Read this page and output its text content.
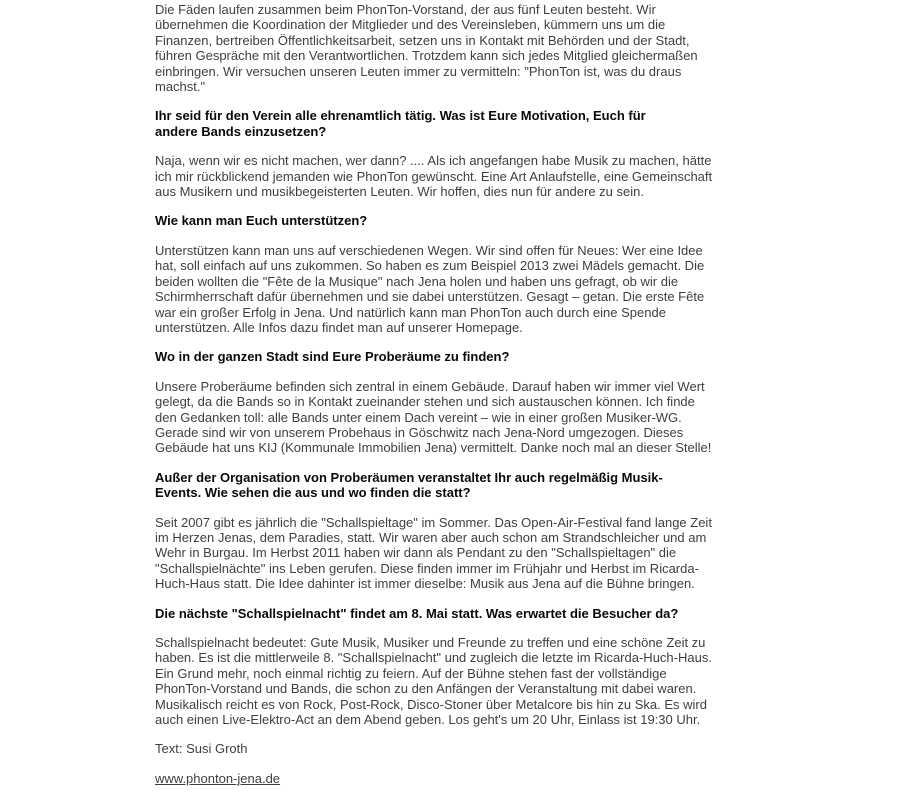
Die Fäden laufen zusammen beim PhonTon-Vorstand, der aus fünf Leuten besteht. Wir
übernehmen die Koordination der Mitglieder und des Vereinsleben, kümmern uns um die
Finanzen, bertreiben Öffentlichkeitsarbeit, setzen uns in Kontakt mit Behörden und der Stadt,
führen Gespräche mit den Verantwortlichen. Trotzdem kann sich jedes Mitglied gleichermaßen
einbringen. Wir versuchen unseren Leuten immer zu vermitteln: "PhonTon ist, was du draus
machst."
Ihr seid für den Verein alle ehrenamtlich tätig. Was ist Eure Motivation, Euch für
andere Bands einzusetzen?
Naja, wenn wir es nicht machen, wer dann? .... Als ich angefangen habe Musik zu machen, hätte
ich mir rückblickend jemanden wie PhonTon gewünscht. Eine Art Anlaufstelle, eine Gemeinschaft
aus Musikern und musikbegeisterten Leuten. Wir hoffen, dies nun für andere zu sein.
Wie kann man Euch unterstützen?
Unterstützen kann man uns auf verschiedenen Wegen. Wir sind offen für Neues: Wer eine Idee
hat, soll einfach auf uns zukommen. So haben es zum Beispiel 2013 zwei Mädels gemacht. Die
beiden wollten die "Fête de la Musique" nach Jena holen und haben uns gefragt, ob wir die
Schirmherrschaft dafür übernehmen und sie dabei unterstützen. Gesagt – getan. Die erste Fête
war ein großer Erfolg in Jena. Und natürlich kann man PhonTon auch durch eine Spende
unterstützen. Alle Infos dazu findet man auf unserer Homepage.
Wo in der ganzen Stadt sind Eure Proberäume zu finden?
Unsere Proberäume befinden sich zentral in einem Gebäude. Darauf haben wir immer viel Wert
gelegt, da die Bands so in Kontakt zueinander stehen und sich austauschen können. Ich finde
den Gedanken toll: alle Bands unter einem Dach vereint – wie in einer großen Musiker-WG.
Gerade sind wir von unserem Probehaus in Göschwitz nach Jena-Nord umgezogen. Dieses
Gebäude hat uns KIJ (Kommunale Immobilien Jena) vermittelt. Danke noch mal an dieser Stelle!
Außer der Organisation von Proberäumen veranstaltet Ihr auch regelmäßig Musik-
Events. Wie sehen die aus und wo finden die statt?
Seit 2007 gibt es jährlich die "Schallspieltage" im Sommer. Das Open-Air-Festival fand lange Zeit
im Herzen Jenas, dem Paradies, statt. Wir waren aber auch schon am Strandschleicher und am
Wehr in Burgau. Im Herbst 2011 haben wir dann als Pendant zu den "Schallspieltagen" die
"Schallspielnächte" ins Leben gerufen. Diese finden immer im Frühjahr und Herbst im Ricarda-
Huch-Haus statt. Die Idee dahinter ist immer dieselbe: Musik aus Jena auf die Bühne bringen.
Die nächste "Schallspielnacht" findet am 8. Mai statt. Was erwartet die Besucher da?
Schallspielnacht bedeutet: Gute Musik, Musiker und Freunde zu treffen und eine schöne Zeit zu
haben. Es ist die mittlerweile 8. "Schallspielnacht" und zugleich die letzte im Ricarda-Huch-Haus.
Ein Grund mehr, noch einmal richtig zu feiern. Auf der Bühne stehen fast der vollständige
PhonTon-Vorstand und Bands, die schon zu den Anfängen der Veranstaltung mit dabei waren.
Musikalisch reicht es von Rock, Post-Rock, Disco-Stoner über Metalcore bis hin zu Ska. Es wird
auch einen Live-Elektro-Act an dem Abend geben. Los geht's um 20 Uhr, Einlass ist 19:30 Uhr.
Text: Susi Groth
www.phonton-jena.de
